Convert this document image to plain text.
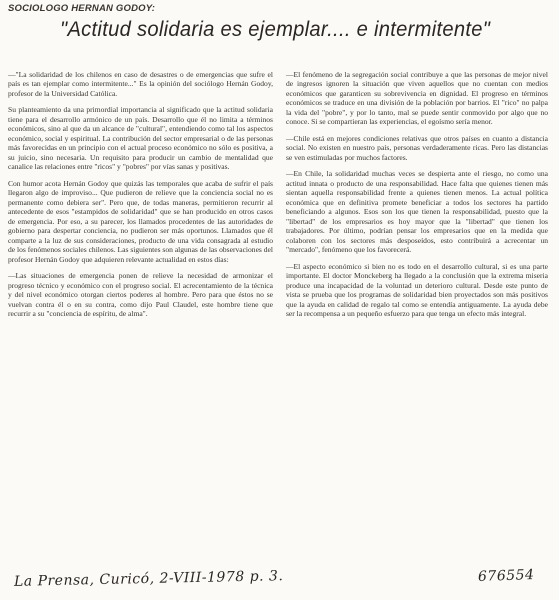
SOCIOLOGO HERNAN GODOY:
"Actitud solidaria es ejemplar.... e intermitente"

—"La solidaridad de los chilenos en caso de desastres o de emergencias que sufre el país es tan ejemplar como intermitente..." Es la opinión del sociólogo Hernán Godoy, profesor de la Universidad Católica.

Su planteamiento da una primordial importancia al significado que la actitud solidaria tiene para el desarrollo armónico de un país. Desarrollo que él no limita a términos económicos, sino al que da un alcance de "cultural", entendiendo como tal los aspectos económico, social y espiritual. La contribución del sector empresarial o de las personas más favorecidas en un principio con el actual proceso económico no sólo es positiva, a su juicio, sino necesaria. Un requisito para producir un cambio de mentalidad que canalice las relaciones entre "ricos" y "pobres" por vías sanas y positivas.

Con humor acota Hernán Godoy que quizás las temporales que acaba de sufrir el país llegaron algo de improviso... Que pudieron de relieve que la conciencia social no es permanente como debiera ser". Pero que, de todas maneras, permitieron recurrir al antecedente de esos "estampidos de solidaridad" que se han producido en otros casos de emergencia. Por eso, a su parecer, los llamados procedentes de las autoridades de gobierno para despertar conciencia, no pudieron ser más oportunos. Llamados que él comparte a la luz de sus consideraciones, producto de una vida consagrada al estudio de los fenómenos sociales chilenos. Las siguientes son algunas de las observaciones del profesor Hernán Godoy que adquieren relevante actualidad en estos días:

—Las situaciones de emergencia ponen de relieve la necesidad de armonizar el progreso técnico y económico con el progreso social. El acrecentamiento de la técnica y del nivel económico otorgan ciertos poderes al hombre. Pero para que éstos no se vuelvan contra él o en su contra, como dijo Paul Claudel, este hombre tiene que recurrir a su "conciencia de espíritu, de alma".

—El fenómeno de la segregación social contribuye a que las personas de mejor nivel de ingresos ignoren la situación que viven aquellos que no cuentan con medios económicos que garanticen su sobrevivencia en dignidad. El progreso en términos económicos se traduce en una división de la población por barrios. El "rico" no palpa la vida del "pobre", y por lo tanto, mal se puede sentir conmovido por algo que no conoce. Si se compartieran las experiencias, el egoísmo sería menor.

—Chile está en mejores condiciones relativas que otros países en cuanto a distancia social. No existen en nuestro país, personas verdaderamente ricas. Pero las distancias se ven estimuladas por muchos factores.

—En Chile, la solidaridad muchas veces se despierta ante el riesgo, no como una actitud innata o producto de una responsabilidad. Hace falta que quienes tienen más sientan aquella responsabilidad frente a quienes tienen menos. La actual política económica que en definitiva promete beneficiar a todos los sectores ha partido beneficiando a algunos. Esos son los que tienen la responsabilidad, puesto que la "libertad" de los empresarios es hoy mayor que la "libertad" que tienen los trabajadores. Por último, podrían pensar los empresarios que en la medida que colaboren con los sectores más desposeídos, esto contribuirá a acrecentar un "mercado", fenómeno que los favorecerá.

—El aspecto económico si bien no es todo en el desarrollo cultural, si es una parte importante. El doctor Monckeberg ha llegado a la conclusión que la extrema miseria produce una incapacidad de la voluntad un deterioro cultural. Desde este punto de vista se prueba que los programas de solidaridad bien proyectados son más positivos que la ayuda en calidad de regalo tal como se entendía antiguamente. La ayuda debe ser la recompensa a un pequeño esfuerzo para que tenga un efecto más integral.

La Prensa, Curicó, 2-VIII-1978 p. 3.	676554
